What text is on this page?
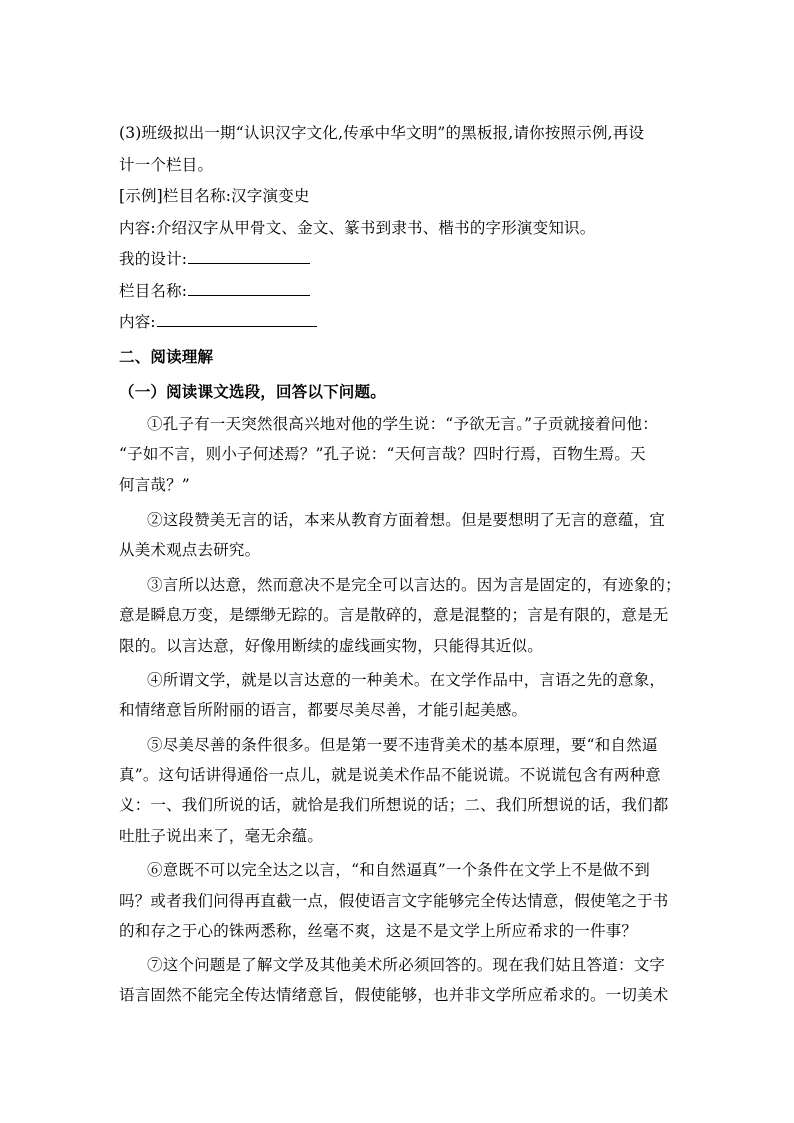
(3)班级拟出一期“认识汉字文化,传承中华文明”的黑板报,请你按照示例,再设
计一个栏目。
[示例]栏目名称:汉字演变史
内容:介绍汉字从甲骨文、金文、篆书到隶书、楷书的字形演变知识。
我的设计:
栏目名称:
内容:
二、阅读理解
（一）阅读课文选段，回答以下问题。
①孔子有一天突然很高兴地对他的学生说：“予欲无言。”子贡就接着问他：
“子如不言，则小子何述焉？”孔子说：“天何言哉？四时行焉，百物生焉。天
何言哉？”
②这段赞美无言的话，本来从教育方面着想。但是要想明了无言的意蕴，宜
从美术观点去研究。
③言所以达意，然而意决不是完全可以言达的。因为言是固定的，有迹象的；
意是瞬息万变，是缥缈无踪的。言是散碎的，意是混整的；言是有限的，意是无
限的。以言达意，好像用断续的虚线画实物，只能得其近似。
④所谓文学，就是以言达意的一种美术。在文学作品中，言语之先的意象，
和情绪意旨所附丽的语言，都要尽美尽善，才能引起美感。
⑤尽美尽善的条件很多。但是第一要不违背美术的基本原理，要“和自然逼
真”。这句话讲得通俗一点儿，就是说美术作品不能说谎。不说谎包含有两种意
义：一、我们所说的话，就恰是我们所想说的话；二、我们所想说的话，我们都
吐肚子说出来了，毫无余蕴。
⑥意既不可以完全达之以言，“和自然逼真”一个条件在文学上不是做不到
吗？或者我们问得再直截一点，假使语言文字能够完全传达情意，假使笔之于书
的和存之于心的铢两悉称，丝毫不爽，这是不是文学上所应希求的一件事？
⑦这个问题是了解文学及其他美术所必须回答的。现在我们姑且答道：文字
语言固然不能完全传达情绪意旨，假使能够，也并非文学所应希求的。一切美术
